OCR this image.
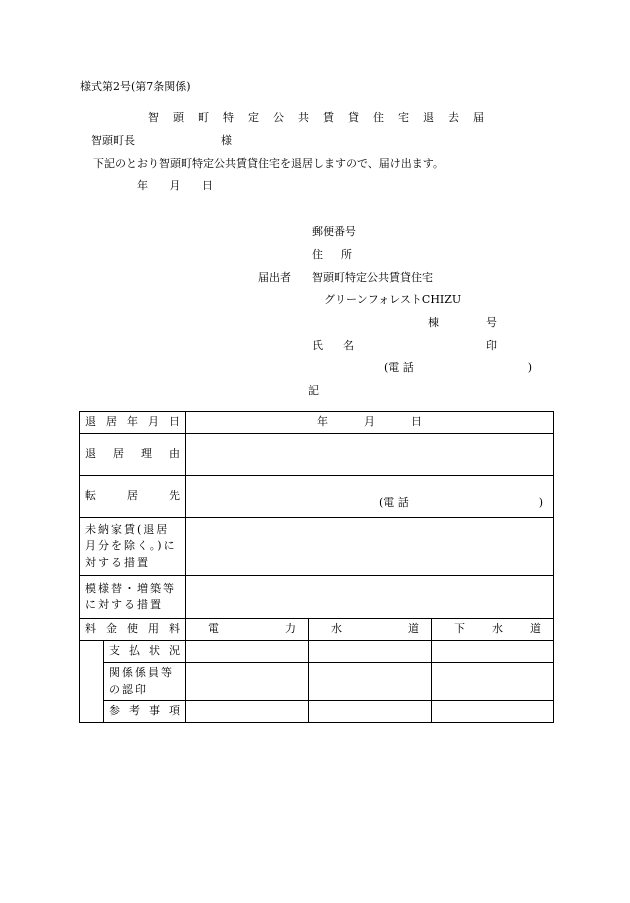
様式第2号(第7条関係)
智頭町特定公共賃貸住宅退去届
智頭町長	様
下記のとおり智頭町特定公共賃貸住宅を退居しますので、届け出ます。
年 月 日
郵便番号
住所
届出者 智頭町特定公共賃貸住宅
グリーンフォレストCHIZU
棟	号
氏名	印
(電 話	)
記
退居年月日		年 月 日		

退居理由				
転居先		(電 話 )		

未納家賃(退居月分を除く。)に対する措置				
模様替・増築等に対する措置				
料金使用料		電力	水道	下水道
	支払状況			
	関係係員等の認印			
	参考事項			
